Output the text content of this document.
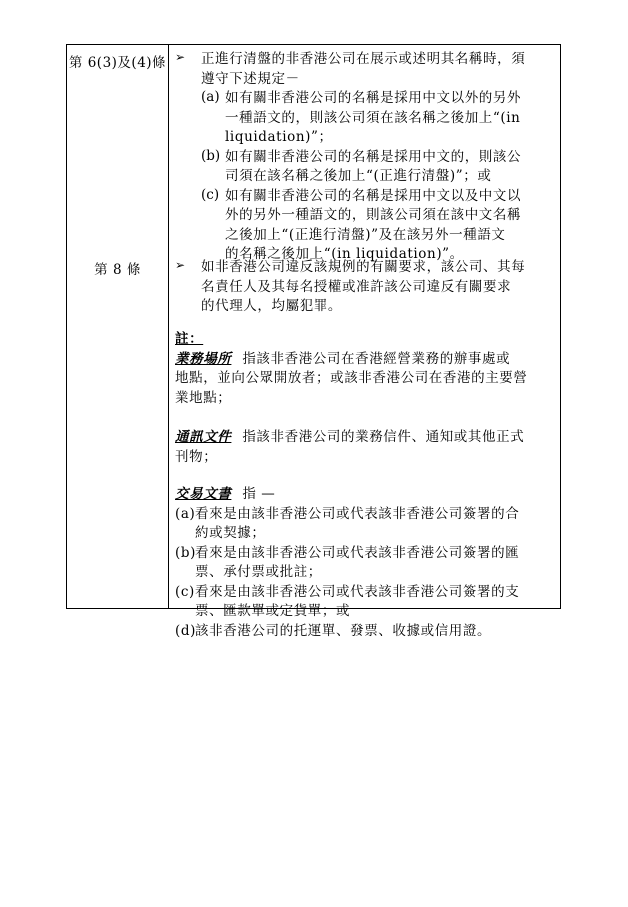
第 6(3)及(4)條
第 8 條
➢ 正進行清盤的非香港公司在展示或述明其名稱時，須
遵守下述規定－
(a) 如有關非香港公司的名稱是採用中文以外的另外
一種語文的，則該公司須在該名稱之後加上“(in
liquidation)”；
(b) 如有關非香港公司的名稱是採用中文的，則該公
司須在該名稱之後加上“(正進行清盤)”；或
(c) 如有關非香港公司的名稱是採用中文以及中文以
外的另外一種語文的，則該公司須在該中文名稱
之後加上“(正進行清盤)”及在該另外一種語文
的名稱之後加上“(in liquidation)”。
➢ 如非香港公司違反該規例的有關要求，該公司、其每
名責任人及其每名授權或准許該公司違反有關要求
的代理人，均屬犯罪。
註：
業務場所 指該非香港公司在香港經營業務的辦事處或
地點，並向公眾開放者；或該非香港公司在香港的主要營
業地點；
通訊文件 指該非香港公司的業務信件、通知或其他正式
刊物；
交易文書 指 —
(a) 看來是由該非香港公司或代表該非香港公司簽署的合
約或契據；
(b) 看來是由該非香港公司或代表該非香港公司簽署的匯
票、承付票或批註；
(c) 看來是由該非香港公司或代表該非香港公司簽署的支
票、匯款單或定貨單；或
(d) 該非香港公司的托運單、發票、收據或信用證。
